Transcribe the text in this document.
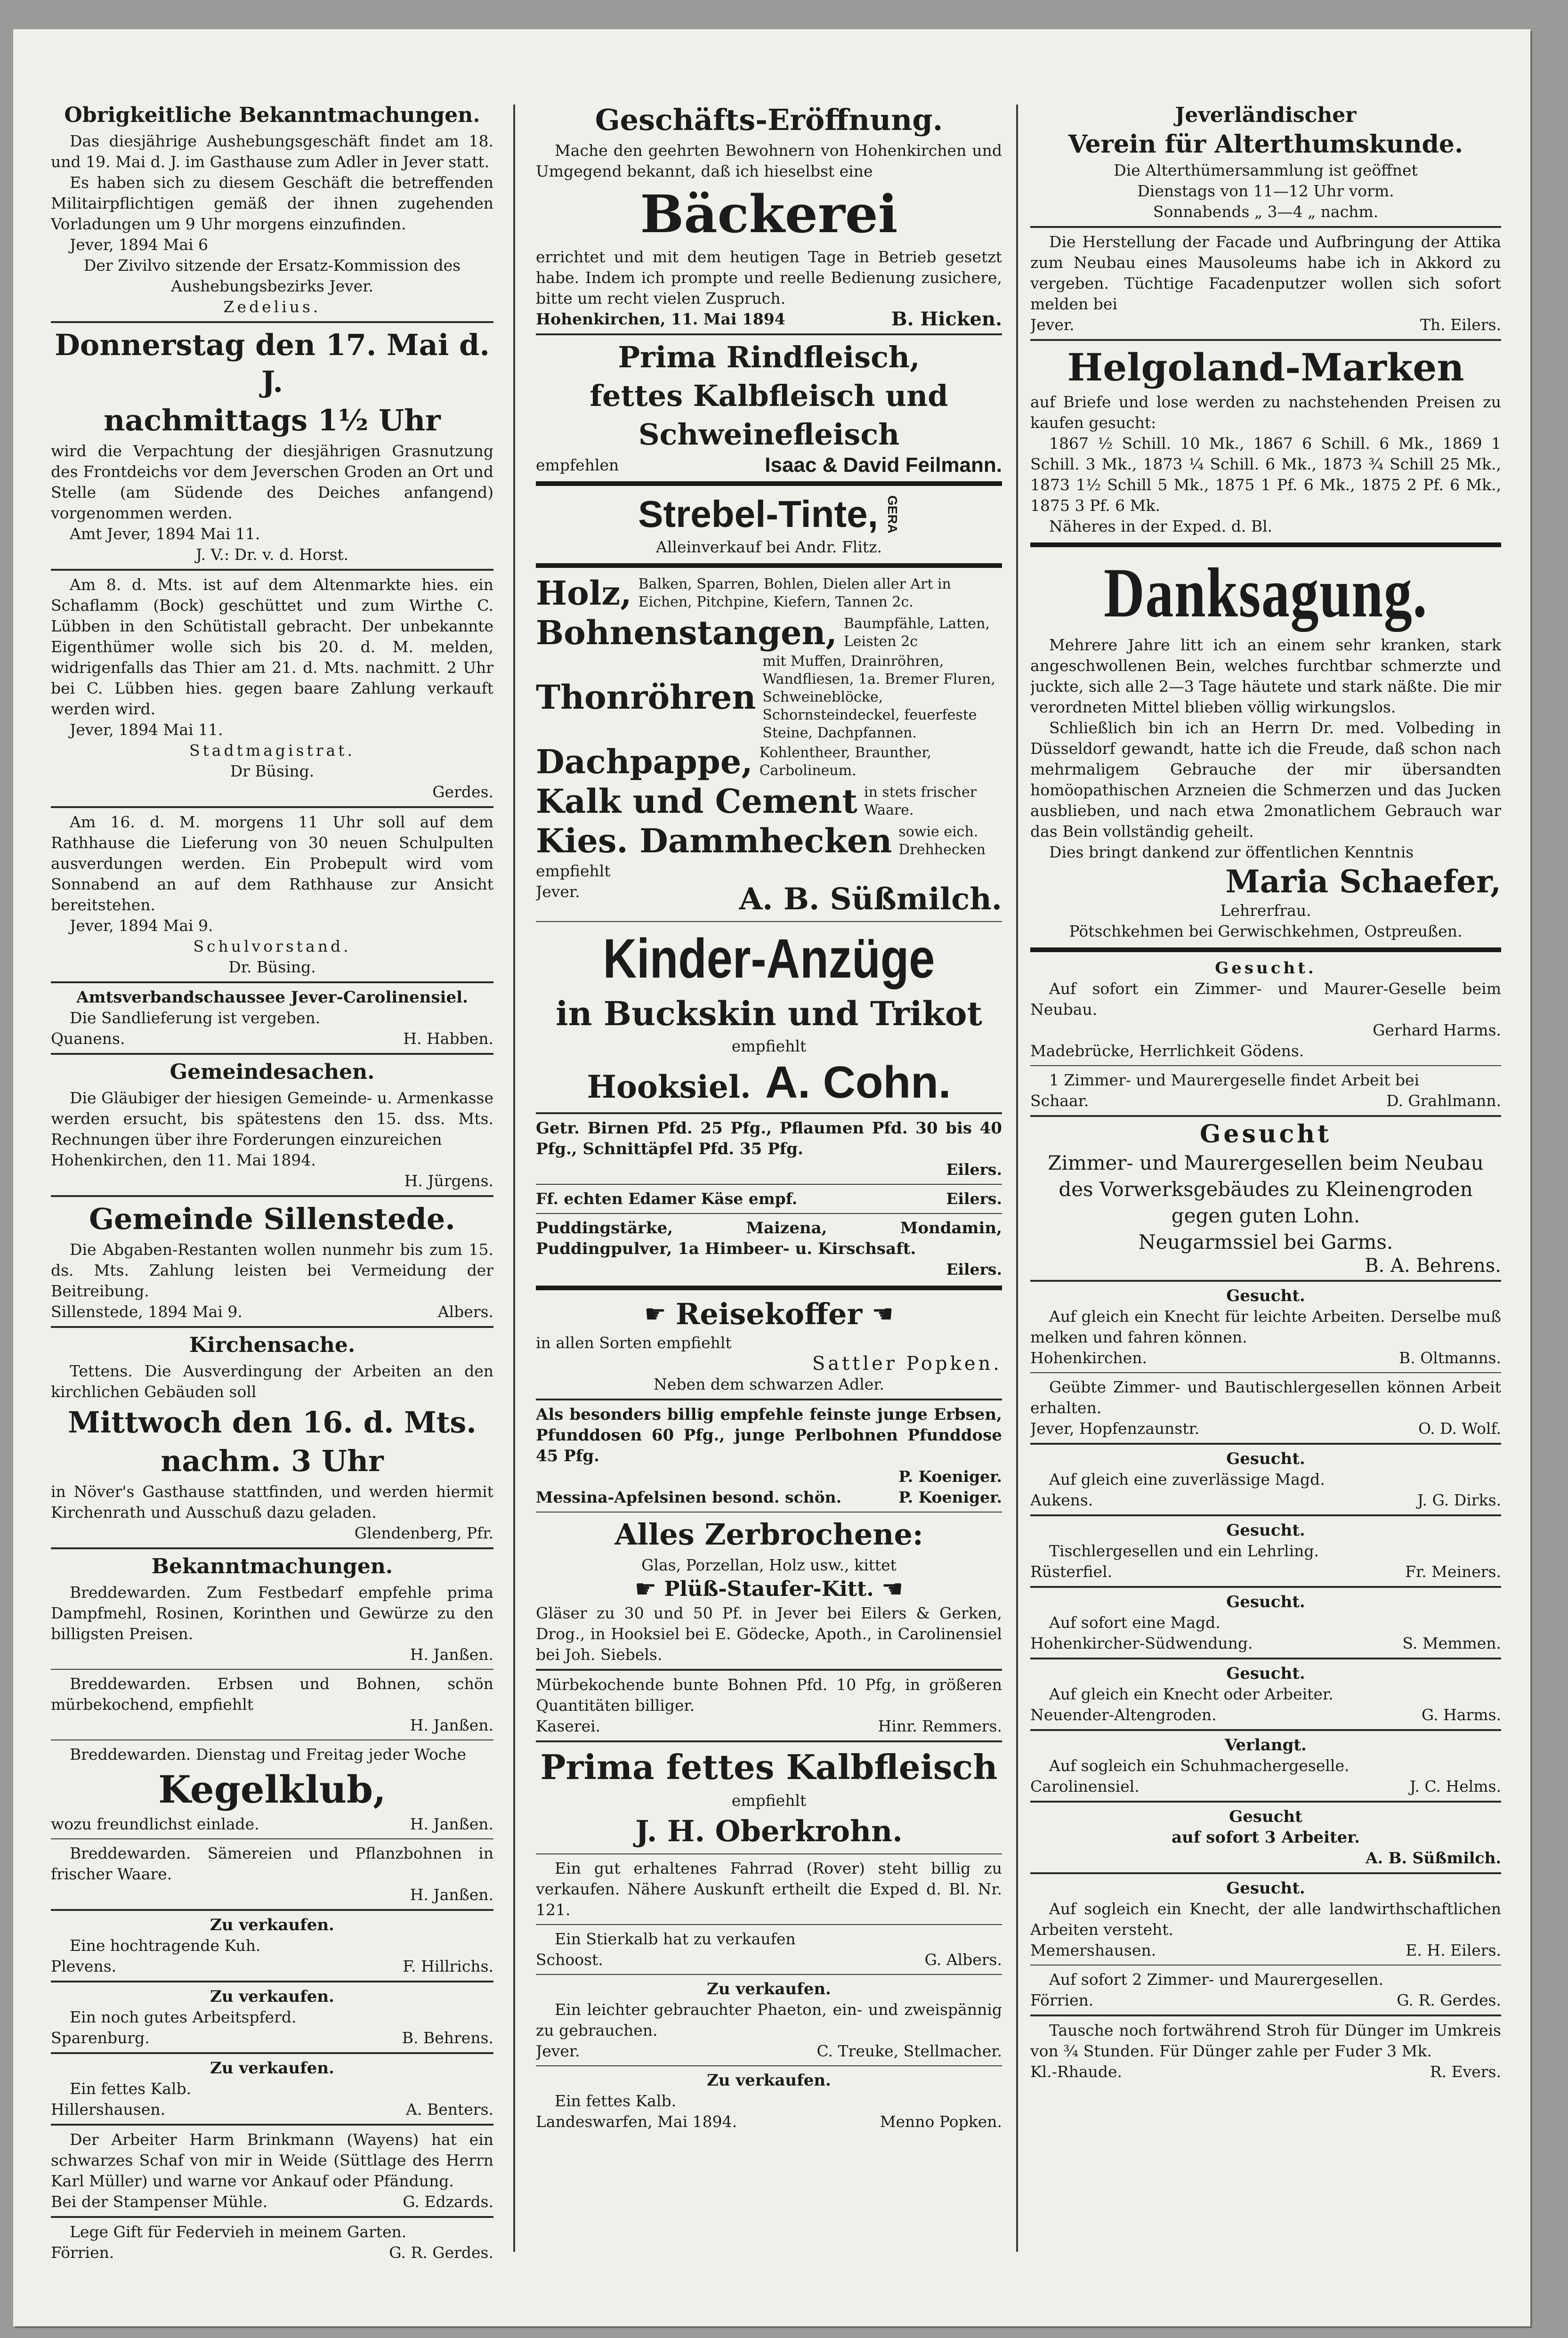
Obrigkeitliche Bekanntmachungen.

Das diesjährige Aushebungsgeschäft findet am 18. und 19. Mai d. J. im Gasthause zum Adler in Jever statt.

Es haben sich zu diesem Geschäft die betreffenden Militairpflichtigen gemäß der ihnen zugehenden Vorladungen um 9 Uhr morgens einzufinden.

Jever, 1894 Mai 6

Der Zivilvo sitzende der Ersatz-Kommission des Aushebungsbezirks Jever.

Zedelius.

Donnerstag den 17. Mai d. J.
nachmittags 1½ Uhr

wird die Verpachtung der diesjährigen Grasnutzung des Frontdeichs vor dem Jeverschen Groden an Ort und Stelle (am Südende des Deiches anfangend) vorgenommen werden.

Amt Jever, 1894 Mai 11.

J. V.: Dr. v. d. Horst.

Am 8. d. Mts. ist auf dem Altenmarkte hies. ein Schaflamm (Bock) geschüttet und zum Wirthe C. Lübben in den Schütistall gebracht. Der unbekannte Eigenthümer wolle sich bis 20. d. M. melden, widrigenfalls das Thier am 21. d. Mts. nachmitt. 2 Uhr bei C. Lübben hies. gegen baare Zahlung verkauft werden wird.

Jever, 1894 Mai 11.

Stadtmagistrat.

Dr Büsing.

Gerdes.

Am 16. d. M. morgens 11 Uhr soll auf dem Rathhause die Lieferung von 30 neuen Schulpulten ausverdungen werden. Ein Probepult wird vom Sonnabend an auf dem Rathhause zur Ansicht bereitstehen.

Jever, 1894 Mai 9.

Schulvorstand.

Dr. Büsing.

Amtsverbandschaussee Jever-Carolinensiel.

Die Sandlieferung ist vergeben.

Quanens.	H. Habben.
Gemeindesachen.

Die Gläubiger der hiesigen Gemeinde- u. Armenkasse werden ersucht, bis spätestens den 15. dss. Mts. Rechnungen über ihre Forderungen einzureichen

Hohenkirchen, den 11. Mai 1894.

H. Jürgens.
Gemeinde Sillenstede.

Die Abgaben-Restanten wollen nunmehr bis zum 15. ds. Mts. Zahlung leisten bei Vermeidung der Beitreibung.

Sillenstede, 1894 Mai 9.	Albers.
Kirchensache.

Tettens. Die Ausverdingung der Arbeiten an den kirchlichen Gebäuden soll

Mittwoch den 16. d. Mts.
nachm. 3 Uhr

in Növer's Gasthause stattfinden, und werden hiermit Kirchenrath und Ausschuß dazu geladen.

Glendenberg, Pfr.
Bekanntmachungen.

Breddewarden. Zum Festbedarf empfehle prima Dampfmehl, Rosinen, Korinthen und Gewürze zu den billigsten Preisen.

H. Janßen.

Breddewarden. Erbsen und Bohnen, schön mürbekochend, empfiehlt

H. Janßen.

Breddewarden. Dienstag und Freitag jeder Woche

Kegelklub,
wozu freundlichst einlade.	H. Janßen.

Breddewarden. Sämereien und Pflanzbohnen in frischer Waare.

H. Janßen.
Zu verkaufen.

Eine hochtragende Kuh.

Plevens.	F. Hillrichs.
Zu verkaufen.

Ein noch gutes Arbeitspferd.

Sparenburg.	B. Behrens.
Zu verkaufen.

Ein fettes Kalb.

Hillershausen.	A. Benters.

Der Arbeiter Harm Brinkmann (Wayens) hat ein schwarzes Schaf von mir in Weide (Süttlage des Herrn Karl Müller) und warne vor Ankauf oder Pfändung.

Bei der Stampenser Mühle.	G. Edzards.

Lege Gift für Federvieh in meinem Garten.

Förrien.	G. R. Gerdes.
Geschäfts-Eröffnung.

Mache den geehrten Bewohnern von Hohenkirchen und Umgegend bekannt, daß ich hieselbst eine

Bäckerei

errichtet und mit dem heutigen Tage in Betrieb gesetzt habe. Indem ich prompte und reelle Bedienung zusichere, bitte um recht vielen Zuspruch.

Hohenkirchen, 11. Mai 1894	B. Hicken.
Prima Rindfleisch,
fettes Kalbfleisch und
Schweinefleisch
empfehlen	Isaac & David Feilmann.
Strebel-Tinte, GERA

Alleinverkauf bei Andr. Flitz.

Holz, Balken, Sparren, Bohlen, Dielen aller Art in Eichen, Pitchpine, Kiefern, Tannen 2c.
Bohnenstangen, Baumpfähle, Latten, Leisten 2c
Thonröhren
mit Muffen, Drainröhren, Wandfliesen, 1a. Bremer Fluren, Schweineblöcke, Schornsteindeckel, feuerfeste Steine, Dachpfannen.
Dachpappe, Kohlentheer, Braunther, Carbolineum.
Kalk und Cement in stets frischer Waare.
Kies. Dammhecken sowie eich. Drehhecken

empfiehlt

Jever.	A. B. Süßmilch.
Kinder-Anzüge
in Buckskin und Trikot

empfiehlt

Hooksiel. A. Cohn.

Getr. Birnen Pfd. 25 Pfg., Pflaumen Pfd. 30 bis 40 Pfg., Schnittäpfel Pfd. 35 Pfg.

Eilers.
Ff. echten Edamer Käse empf.	Eilers.

Puddingstärke, Maizena, Mondamin, Puddingpulver, 1a Himbeer- u. Kirschsaft.

Eilers.
☛ Reisekoffer ☚

in allen Sorten empfiehlt

Sattler Popken.

Neben dem schwarzen Adler.

Als besonders billig empfehle feinste junge Erbsen, Pfunddosen 60 Pfg., junge Perlbohnen Pfunddose 45 Pfg.

P. Koeniger.
Messina-Apfelsinen besond. schön.	P. Koeniger.
Alles Zerbrochene:

Glas, Porzellan, Holz usw., kittet

☛ Plüß-Staufer-Kitt. ☚

Gläser zu 30 und 50 Pf. in Jever bei Eilers & Gerken, Drog., in Hooksiel bei E. Gödecke, Apoth., in Carolinensiel bei Joh. Siebels.

Mürbekochende bunte Bohnen Pfd. 10 Pfg, in größeren Quantitäten billiger.

Kaserei.	Hinr. Remmers.
Prima fettes Kalbfleisch

empfiehlt

J. H. Oberkrohn.

Ein gut erhaltenes Fahrrad (Rover) steht billig zu verkaufen. Nähere Auskunft ertheilt die Exped d. Bl. Nr. 121.

Ein Stierkalb hat zu verkaufen

Schoost.	G. Albers.
Zu verkaufen.

Ein leichter gebrauchter Phaeton, ein- und zweispännig zu gebrauchen.

Jever.	C. Treuke, Stellmacher.
Zu verkaufen.

Ein fettes Kalb.

Landeswarfen, Mai 1894.	Menno Popken.
Jeverländischer
Verein für Alterthumskunde.

Die Alterthümersammlung ist geöffnet

Dienstags von 11—12 Uhr vorm.

Sonnabends „ 3—4 „ nachm.

Die Herstellung der Facade und Aufbringung der Attika zum Neubau eines Mausoleums habe ich in Akkord zu vergeben. Tüchtige Facadenputzer wollen sich sofort melden bei

Jever.	Th. Eilers.
Helgoland-Marken

auf Briefe und lose werden zu nachstehenden Preisen zu kaufen gesucht:

1867 ½ Schill. 10 Mk., 1867 6 Schill. 6 Mk., 1869 1 Schill. 3 Mk., 1873 ¼ Schill. 6 Mk., 1873 ¾ Schill 25 Mk., 1873 1½ Schill 5 Mk., 1875 1 Pf. 6 Mk., 1875 2 Pf. 6 Mk., 1875 3 Pf. 6 Mk.

Näheres in der Exped. d. Bl.

Danksagung.

Mehrere Jahre litt ich an einem sehr kranken, stark angeschwollenen Bein, welches furchtbar schmerzte und juckte, sich alle 2—3 Tage häutete und stark näßte. Die mir verordneten Mittel blieben völlig wirkungslos.

Schließlich bin ich an Herrn Dr. med. Volbeding in Düsseldorf gewandt, hatte ich die Freude, daß schon nach mehrmaligem Gebrauche der mir übersandten homöopathischen Arzneien die Schmerzen und das Jucken ausblieben, und nach etwa 2monatlichem Gebrauch war das Bein vollständig geheilt.

Dies bringt dankend zur öffentlichen Kenntnis

Maria Schaefer,

Lehrerfrau.

Pötschkehmen bei Gerwischkehmen, Ostpreußen.

Gesucht.

Auf sofort ein Zimmer- und Maurer-Geselle beim Neubau.

Gerhard Harms.

Madebrücke, Herrlichkeit Gödens.

1 Zimmer- und Maurergeselle findet Arbeit bei

Schaar.	D. Grahlmann.
Gesucht

Zimmer- und Maurergesellen beim Neubau des Vorwerksgebäudes zu Kleinengroden gegen guten Lohn.

Neugarmssiel bei Garms.

B. A. Behrens.
Gesucht.

Auf gleich ein Knecht für leichte Arbeiten. Derselbe muß melken und fahren können.

Hohenkirchen.	B. Oltmanns.

Geübte Zimmer- und Bautischlergesellen können Arbeit erhalten.

Jever, Hopfenzaunstr.	O. D. Wolf.
Gesucht.

Auf gleich eine zuverlässige Magd.

Aukens.	J. G. Dirks.
Gesucht.

Tischlergesellen und ein Lehrling.

Rüsterfiel.	Fr. Meiners.
Gesucht.

Auf sofort eine Magd.

Hohenkircher-Südwendung.	S. Memmen.
Gesucht.

Auf gleich ein Knecht oder Arbeiter.

Neuender-Altengroden.	G. Harms.
Verlangt.

Auf sogleich ein Schuhmachergeselle.

Carolinensiel.	J. C. Helms.
Gesucht

auf sofort 3 Arbeiter.

A. B. Süßmilch.
Gesucht.

Auf sogleich ein Knecht, der alle landwirthschaftlichen Arbeiten versteht.

Memershausen.	E. H. Eilers.

Auf sofort 2 Zimmer- und Maurergesellen.

Förrien.	G. R. Gerdes.

Tausche noch fortwährend Stroh für Dünger im Umkreis von ¾ Stunden. Für Dünger zahle per Fuder 3 Mk.

Kl.-Rhaude.	R. Evers.
